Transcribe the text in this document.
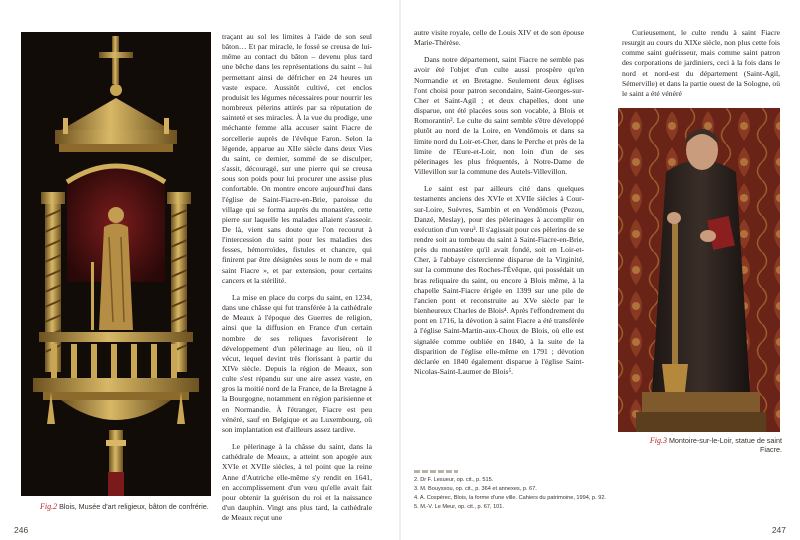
Fig.2 Blois, Musée d'art religieux, bâton de confrérie.

traçant au sol les limites à l'aide de son seul bâton… Et par miracle, le fossé se creusa de lui-même au contact du bâton – devenu plus tard une bêche dans les représentations du saint – lui permettant ainsi de défricher en 24 heures un vaste espace. Aussitôt cultivé, cet enclos produisit les légumes nécessaires pour nourrir les nombreux pèlerins attirés par sa réputation de sainteté et ses miracles. À la vue du prodige, une méchante femme alla accuser saint Fiacre de sorcellerie auprès de l'évêque Faron. Selon la légende, apparue au XIIe siècle dans deux Vies du saint, ce dernier, sommé de se disculper, s'assit, découragé, sur une pierre qui se creusa sous son poids pour lui procurer une assise plus confortable. On montre encore aujourd'hui dans l'église de Saint-Fiacre-en-Brie, paroisse du village qui se forma auprès du monastère, cette pierre sur laquelle les malades allaient s'asseoir. De là, vient sans doute que l'on recourut à l'intercession du saint pour les maladies des fesses, hémorroïdes, fistules et chancre, qui finirent par être désignées sous le nom de « mal saint Fiacre », et par extension, pour certains cancers et la stérilité.

La mise en place du corps du saint, en 1234, dans une châsse qui fut transférée à la cathédrale de Meaux à l'époque des Guerres de religion, ainsi que la diffusion en France d'un certain nombre de ses reliques favorisèrent le développement d'un pèlerinage au lieu, où il vécut, lequel devint très florissant à partir du XIVe siècle. Depuis la région de Meaux, son culte s'est répandu sur une aire assez vaste, en gros la moitié nord de la France, de la Bretagne à la Bourgogne, notamment en région parisienne et en Normandie. À l'étranger, Fiacre est peu vénéré, sauf en Belgique et au Luxembourg, où son implantation est d'ailleurs assez tardive.

Le pèlerinage à la châsse du saint, dans la cathédrale de Meaux, a atteint son apogée aux XVIe et XVIIe siècles, à tel point que la reine Anne d'Autriche elle-même s'y rendit en 1641, en accomplissement d'un vœu qu'elle avait fait pour obtenir la guérison du roi et la naissance d'un dauphin. Vingt ans plus tard, la cathédrale de Meaux reçut une

246

autre visite royale, celle de Louis XIV et de son épouse Marie-Thérèse.

Dans notre département, saint Fiacre ne semble pas avoir été l'objet d'un culte aussi prospère qu'en Normandie et en Bretagne. Seulement deux églises l'ont choisi pour patron secondaire, Saint-Georges-sur-Cher et Saint-Agil ; et deux chapelles, dont une disparue, ont été placées sous son vocable, à Blois et Romorantin². Le culte du saint semble s'être développé plutôt au nord de la Loire, en Vendômois et dans sa limite nord du Loir-et-Cher, dans le Perche et près de la limite de l'Eure-et-Loir, non loin d'un de ses pèlerinages les plus fréquentés, à Notre-Dame de Villevillon sur la commune des Autels-Villevillon.

Le saint est par ailleurs cité dans quelques testaments anciens des XVIe et XVIIe siècles à Cour-sur-Loire, Suèvres, Sambin et en Vendômois (Pezou, Danzé, Meslay), pour des pèlerinages à accomplir en exécution d'un vœu³. Il s'agissait pour ces pèlerins de se rendre soit au tombeau du saint à Saint-Fiacre-en-Brie, près du monastère qu'il avait fondé, soit en Loir-et-Cher, à l'abbaye cistercienne disparue de la Virginité, sur la commune des Roches-l'Évêque, qui possédait un bras reliquaire du saint, ou encore à Blois même, à la chapelle Saint-Fiacre érigée en 1399 sur une pile de l'ancien pont et reconstruite au XVe siècle par le bienheureux Charles de Blois⁴. Après l'effondrement du pont en 1716, la dévotion à saint Fiacre a été transférée à l'église Saint-Martin-aux-Choux de Blois, où elle est signalée comme oubliée en 1840, à la suite de la disparition de l'église elle-même en 1791 ; dévotion déclarée en 1840 également disparue à l'église Saint-Nicolas-Saint-Laumer de Blois⁵.

2. Dr F. Lesueur, op. cit., p. 515.
3. M. Bouyssou, op. cit., p. 364 et annexes, p. 67.
4. A. Cospérec, Blois, la forme d'une ville. Cahiers du patrimoine, 1994, p. 92.
5. M.-V. Le Meur, op. cit., p. 67, 101.

Curieusement, le culte rendu à saint Fiacre resurgit au cours du XIXe siècle, non plus cette fois comme saint guérisseur, mais comme saint patron des corporations de jardiniers, ceci à la fois dans le nord et nord-est du département (Saint-Agil, Sémerville) et dans la partie ouest de la Sologne, où le saint a été vénéré

Fig.3 Montoire-sur-le-Loir, statue de saint Fiacre.
247
